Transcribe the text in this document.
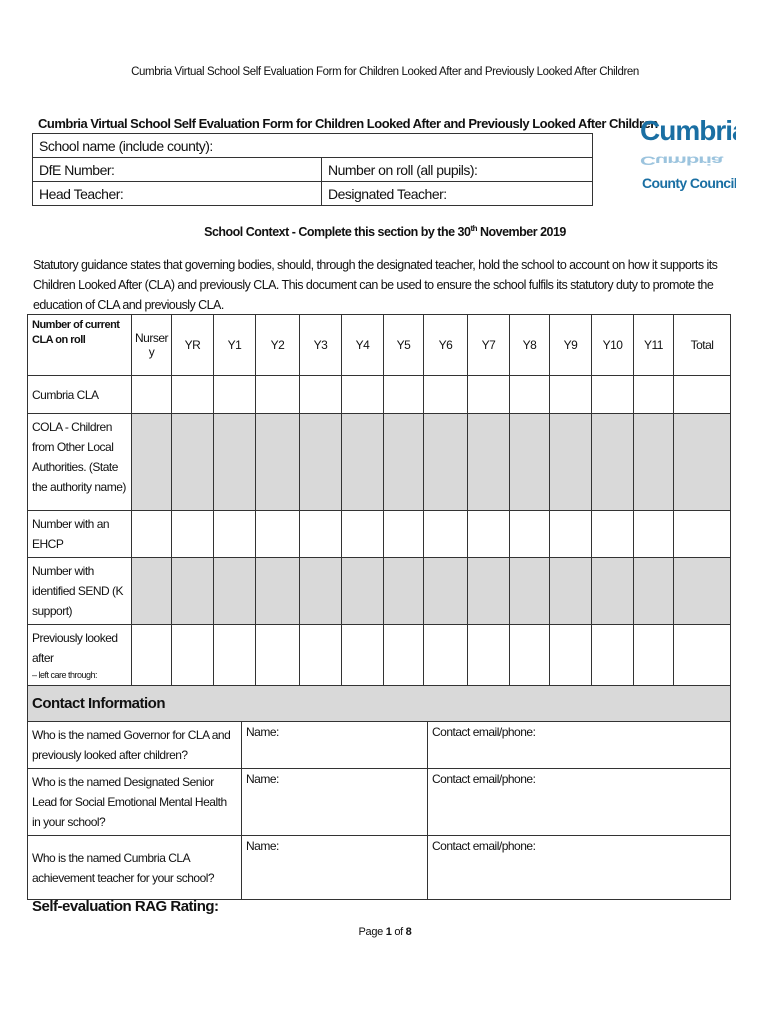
Cumbria Virtual School Self Evaluation Form for Children Looked After and Previously Looked After Children
Cumbria Virtual School Self Evaluation Form for Children Looked After and Previously Looked After Children
School name (include county):	
DfE Number:	Number on roll (all pupils):
Head Teacher:	Designated Teacher:
Cumbria
Cumbria
County Council
School Context - Complete this section by the 30th November 2019
Statutory guidance states that governing bodies, should, through the designated teacher, hold the school to account on how it supports its Children Looked After (CLA) and previously CLA. This document can be used to ensure the school fulfils its statutory duty to promote the education of CLA and previously CLA.
Number of current CLA on roll	Nursery	YR	Y1	Y2	Y3	Y4	Y5	Y6	Y7	Y8	Y9	Y10	Y11	Total
Cumbria CLA														
COLA - Children from Other Local Authorities. (State the authority name)														
Number with an EHCP														
Number with identified SEND (K support)														

Previously looked after
– left care through:														

Contact Information		
Who is the named Governor for CLA and previously looked after children?	Name:	Contact email/phone:
Who is the named Designated Senior Lead for Social Emotional Mental Health in your school?	Name:	Contact email/phone:
Who is the named Cumbria CLA achievement teacher for your school?	Name:	Contact email/phone:
Self-evaluation RAG Rating:
Page 1 of 8
